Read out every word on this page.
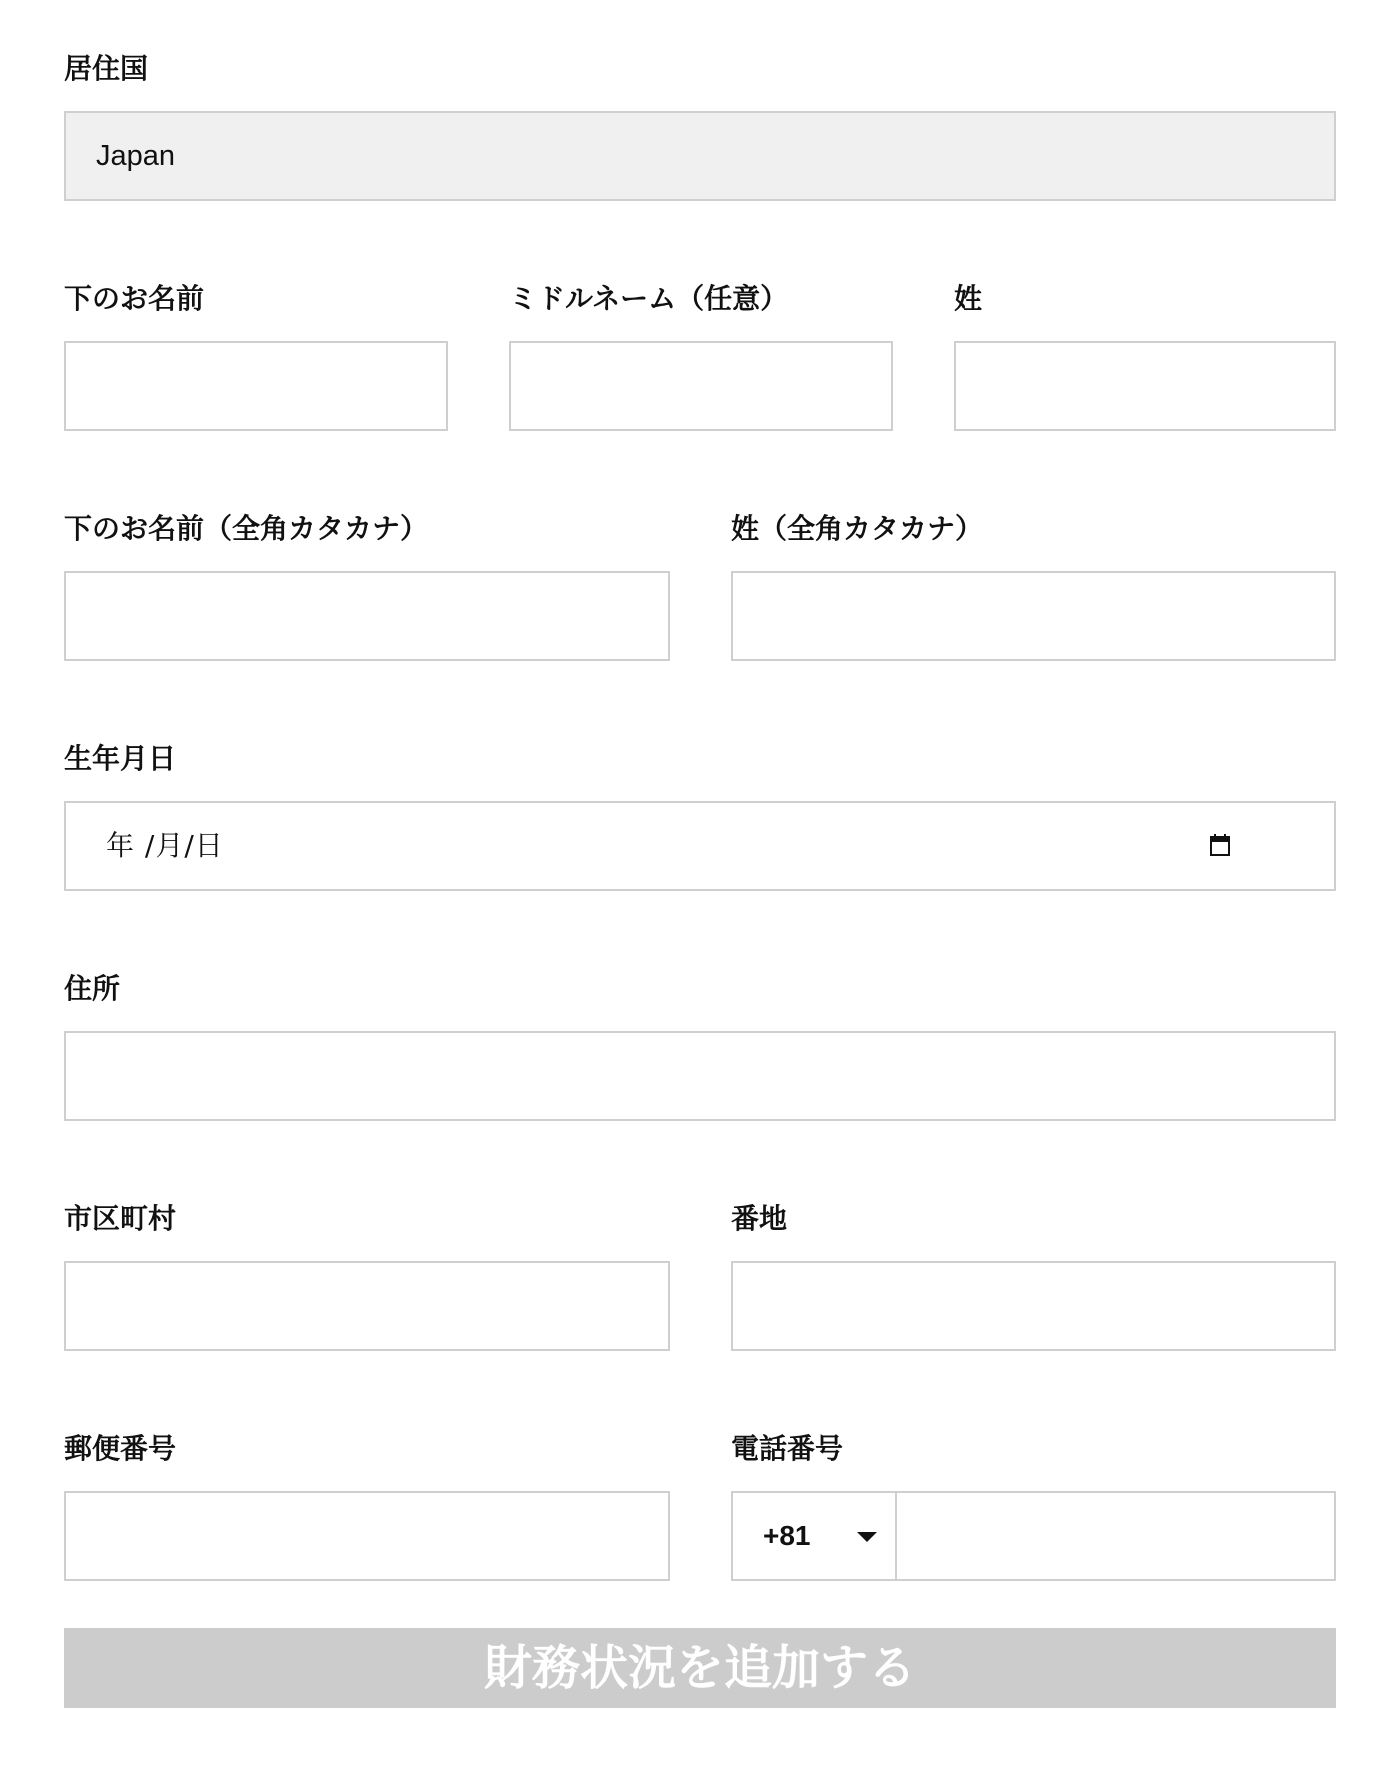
居住国
Japan
下のお名前	ミドルネーム（任意）	姓
下のお名前（全角カタカナ）	姓（全角カタカナ）
生年月日
年 /月/日
住所
市区町村	番地
郵便番号	電話番号
+81
財務状況を追加する
